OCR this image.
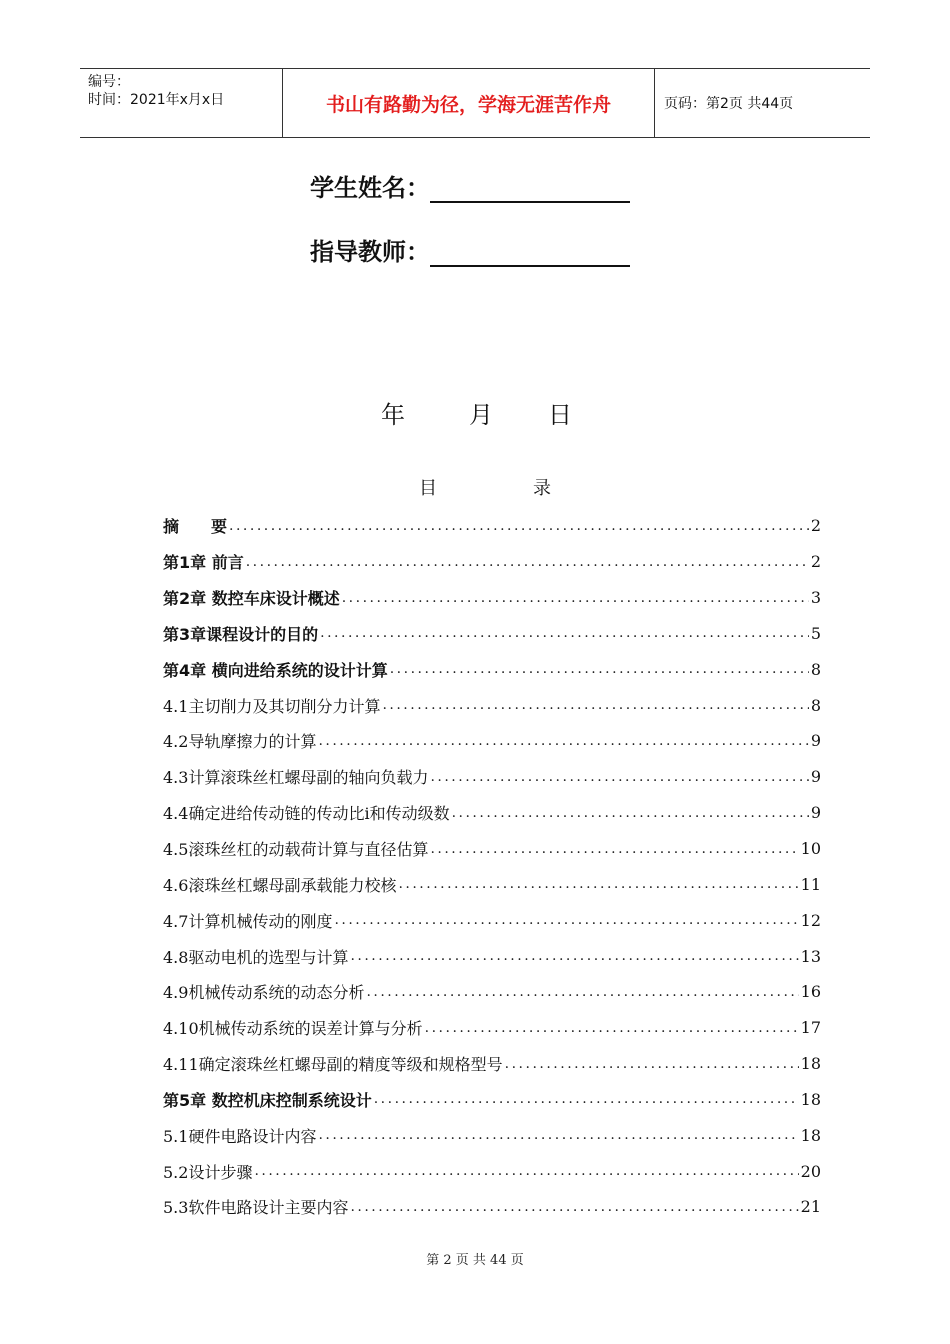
编号：
时间：2021年x月x日	书山有路勤为径，学海无涯苦作舟	页码：第2页 共44页
学生姓名：
指导教师：
年	月 日
目	录
摘　　要 .....	2
第1章 前言 .....	2
第2章 数控车床设计概述 .....	3
第3章课程设计的目的 .....	5
第4章 横向进给系统的设计计算 .....	8
4.1主切削力及其切削分力计算 .....	8
4.2导轨摩擦力的计算 .....	9
4.3计算滚珠丝杠螺母副的轴向负载力 .....	9
4.4确定进给传动链的传动比i和传动级数 .....	9
4.5滚珠丝杠的动载荷计算与直径估算 .....	10
4.6滚珠丝杠螺母副承载能力校核 .....	11
4.7计算机械传动的刚度 .....	12
4.8驱动电机的选型与计算 .....	13
4.9机械传动系统的动态分析 .....	16
4.10机械传动系统的误差计算与分析 .....	17
4.11确定滚珠丝杠螺母副的精度等级和规格型号 .....	18
第5章 数控机床控制系统设计 .....	18
5.1硬件电路设计内容 .....	18
5.2设计步骤 .....	20
5.3软件电路设计主要内容 .....	21
第 2 页 共 44 页
